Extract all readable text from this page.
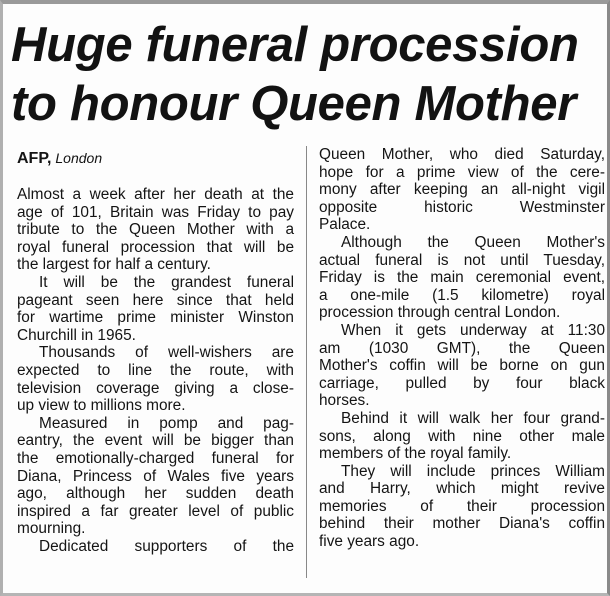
Huge funeral procession
to honour Queen Mother
AFP, London
Almost a week after her death at the
age of 101, Britain was Friday to pay
tribute to the Queen Mother with a
royal funeral procession that will be
the largest for half a century.
It will be the grandest funeral
pageant seen here since that held
for wartime prime minister Winston
Churchill in 1965.
Thousands of well-wishers are
expected to line the route, with
television coverage giving a close-
up view to millions more.
Measured in pomp and pag-
eantry, the event will be bigger than
the emotionally-charged funeral for
Diana, Princess of Wales five years
ago, although her sudden death
inspired a far greater level of public
mourning.
Dedicated supporters of the
Queen Mother, who died Saturday,
hope for a prime view of the cere-
mony after keeping an all-night vigil
opposite historic Westminster
Palace.
Although the Queen Mother's
actual funeral is not until Tuesday,
Friday is the main ceremonial event,
a one-mile (1.5 kilometre) royal
procession through central London.
When it gets underway at 11:30
am (1030 GMT), the Queen
Mother's coffin will be borne on gun
carriage, pulled by four black
horses.
Behind it will walk her four grand-
sons, along with nine other male
members of the royal family.
They will include princes William
and Harry, which might revive
memories of their procession
behind their mother Diana's coffin
five years ago.
